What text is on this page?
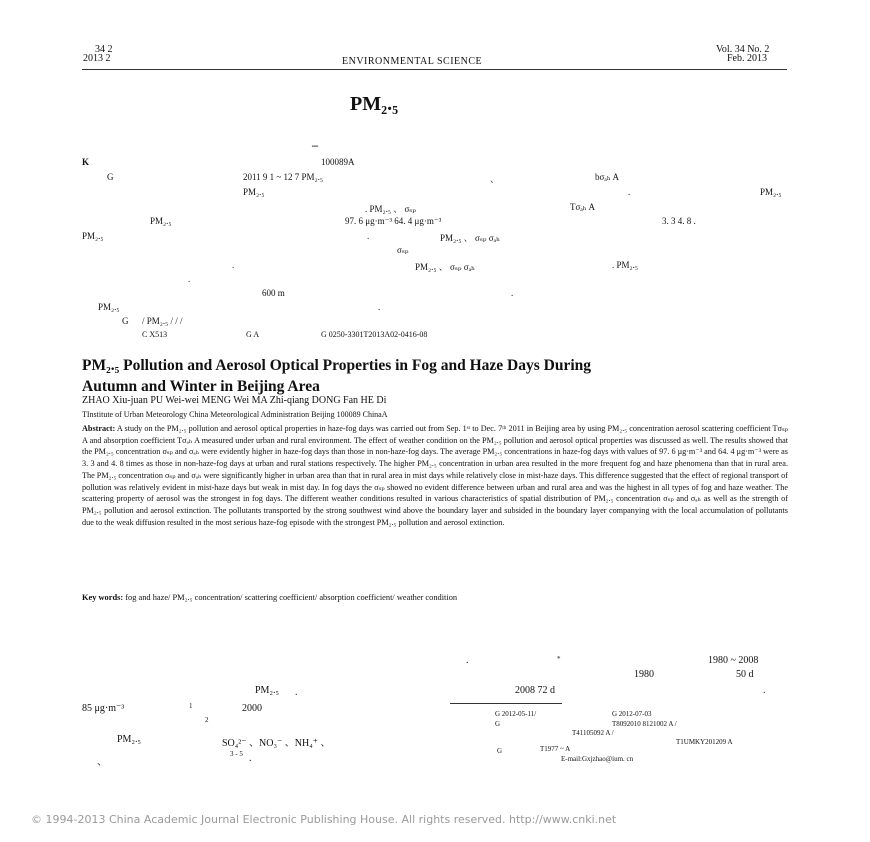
34 2
2013 2	ENVIRONMENTAL SCIENCE
Vol. 34 No. 2
Feb. 2013
PM₂.₅
_
K	100089A
G	2011 9 1 ~ 12 7 PM₂.₅	、	bσₐₕ A
PM₂.₅	.	PM₂.₅
. PM₂.₅ 、 σₛₚ	Tσₐₕ A
PM₂.₅	97. 6 μg·m⁻³ 64. 4 μg·m⁻³	3. 3 4. 8 .
PM₂.₅	.	PM₂.₅ 、 σₛₚ σₐₕ
σₛₚ
.	PM₂.₅ 、 σₛₚ σₐₕ	. PM₂.₅
.
600 m	.
PM₂.₅	.
G / PM₂.₅ / / /
C X513	G A	G 0250-3301T2013A02-0416-08
PM₂.₅ Pollution and Aerosol Optical Properties in Fog and Haze Days During
Autumn and Winter in Beijing Area
ZHAO Xiu-juan PU Wei-wei MENG Wei MA Zhi-qiang DONG Fan HE Di
TInstitute of Urban Meteorology China Meteorological Administration Beijing 100089 ChinaA
Abstract: A study on the PM₂.₅ pollution and aerosol optical properties in haze-fog days was carried out from Sep. 1ˢᵗ to Dec. 7ᵗʰ 2011 in Beijing area by using PM₂.₅ concentration aerosol scattering coefficient Tσₛₚ A and absorption coefficient Tσₐₕ A measured under urban and rural environment. The effect of weather condition on the PM₂.₅ pollution and aerosol optical properties was discussed as well. The results showed that the PM₂.₅ concentration σₛₚ and σₐₕ were evidently higher in haze-fog days than those in non-haze-fog days. The average PM₂.₅ concentrations in haze-fog days with values of 97. 6 μg·m⁻³ and 64. 4 μg·m⁻³ were as 3. 3 and 4. 8 times as those in non-haze-fog days at urban and rural stations respectively. The higher PM₂.₅ concentration in urban area resulted in the more frequent fog and haze phenomena than that in rural area. The PM₂.₅ concentration σₛₚ and σₐₕ were significantly higher in urban area than that in rural area in mist days while relatively close in mist-haze days. This difference suggested that the effect of regional transport of pollution was relatively evident in mist-haze days but weak in mist day. In fog days the σₛₚ showed no evident difference between urban and rural area and was the highest in all types of fog and haze weather. The scattering property of aerosol was the strongest in fog days. The different weather conditions resulted in various characteristics of spatial distribution of PM₂.₅ concentration σₛₚ and σₐₕ as well as the strength of PM₂.₅ pollution and aerosol extinction. The pollutants transported by the strong southwest wind above the boundary layer and subsided in the boundary layer companying with the local accumulation of pollutants due to the weak diffusion resulted in the most serious haze-fog episode with the strongest PM₂.₅ pollution and aerosol extinction.
Key words: fog and haze/ PM₂.₅ concentration/ scattering coefficient/ absorption coefficient/ weather condition
.	*	1980 ~ 2008
1980	50 d
PM₂.₅ .	2008 72 d	.
85 μg·m⁻³	1	2000
2
PM₂.₅	SO₄²⁻ 、NO₃⁻ 、NH₄⁺ 、
、
3 - 5 .
G 2012-05-11/	G 2012-07-03
G	T8092010 8121002 A /
T41105092 A /
T1UMKY201209 A
G	T1977 ~ A
E-mail:Gxjzhao@ium. cn
© 1994-2013 China Academic Journal Electronic Publishing House. All rights reserved. http://www.cnki.net
